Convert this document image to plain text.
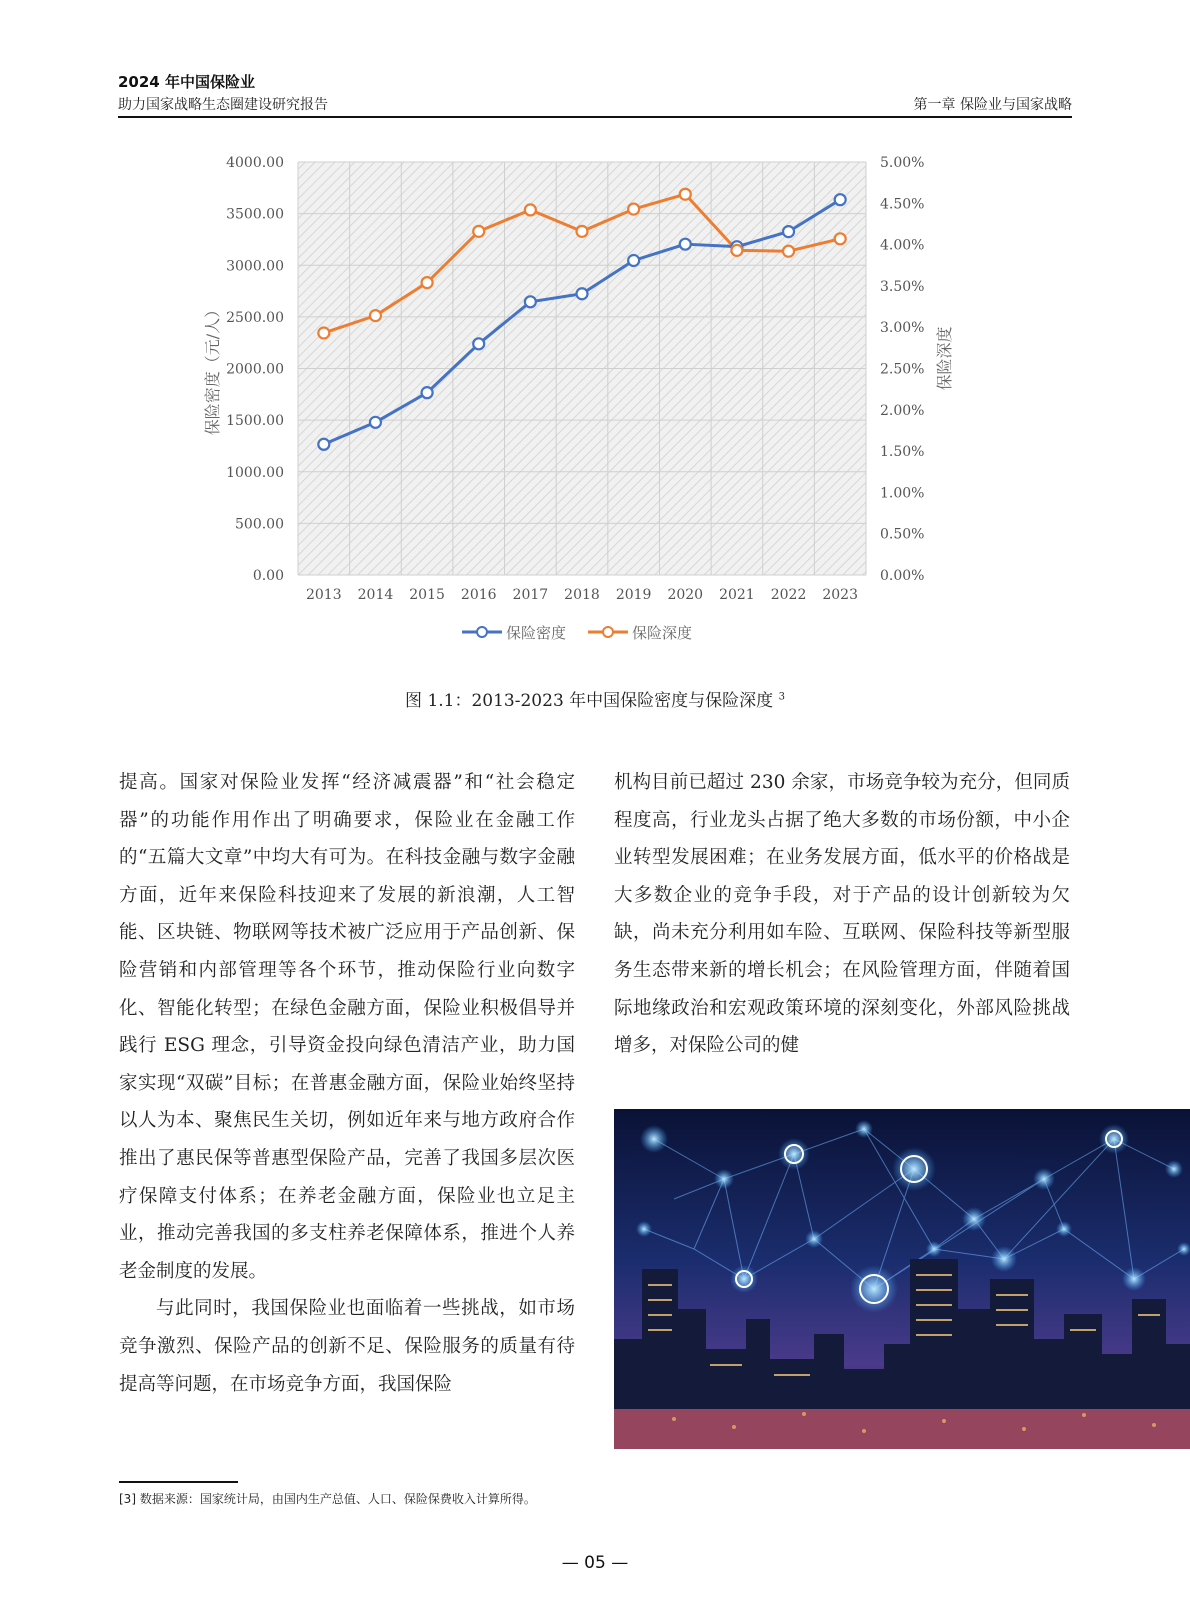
2024 年中国保险业
助力国家战略生态圈建设研究报告	第一章 保险业与国家战略
0.00
500.00
1000.00
1500.00
2000.00
2500.00
3000.00
3500.00
4000.00
0.00%
0.50%
1.00%
1.50%
2.00%
2.50%
3.00%
3.50%
4.00%
4.50%
5.00%
2013 2014 2015 2016 2017 2018 2019 2020 2021 2022 2023
保险密度	保险深度
保险密度（元/人）	保险深度
图 1.1：2013-2023 年中国保险密度与保险深度 $^3$

提高。国家对保险业发挥“经济减震器”和“社会稳定器”的功能作用作出了明确要求，保险业在金融工作的“五篇大文章”中均大有可为。在科技金融与数字金融方面，近年来保险科技迎来了发展的新浪潮，人工智能、区块链、物联网等技术被广泛应用于产品创新、保险营销和内部管理等各个环节，推动保险行业向数字化、智能化转型；在绿色金融方面，保险业积极倡导并践行 ESG 理念，引导资金投向绿色清洁产业，助力国家实现“双碳”目标；在普惠金融方面，保险业始终坚持以人为本、聚焦民生关切，例如近年来与地方政府合作推出了惠民保等普惠型保险产品，完善了我国多层次医疗保障支付体系；在养老金融方面，保险业也立足主业，推动完善我国的多支柱养老保障体系，推进个人养老金制度的发展。

与此同时，我国保险业也面临着一些挑战，如市场竞争激烈、保险产品的创新不足、保险服务的质量有待提高等问题，在市场竞争方面，我国保险

机构目前已超过 230 余家，市场竞争较为充分，但同质程度高，行业龙头占据了绝大多数的市场份额，中小企业转型发展困难；在业务发展方面，低水平的价格战是大多数企业的竞争手段，对于产品的设计创新较为欠缺，尚未充分利用如车险、互联网、保险科技等新型服务生态带来新的增长机会；在风险管理方面，伴随着国际地缘政治和宏观政策环境的深刻变化，外部风险挑战增多，对保险公司的健

[3] 数据来源：国家统计局，由国内生产总值、人口、保险保费收入计算所得。
— 05 —
